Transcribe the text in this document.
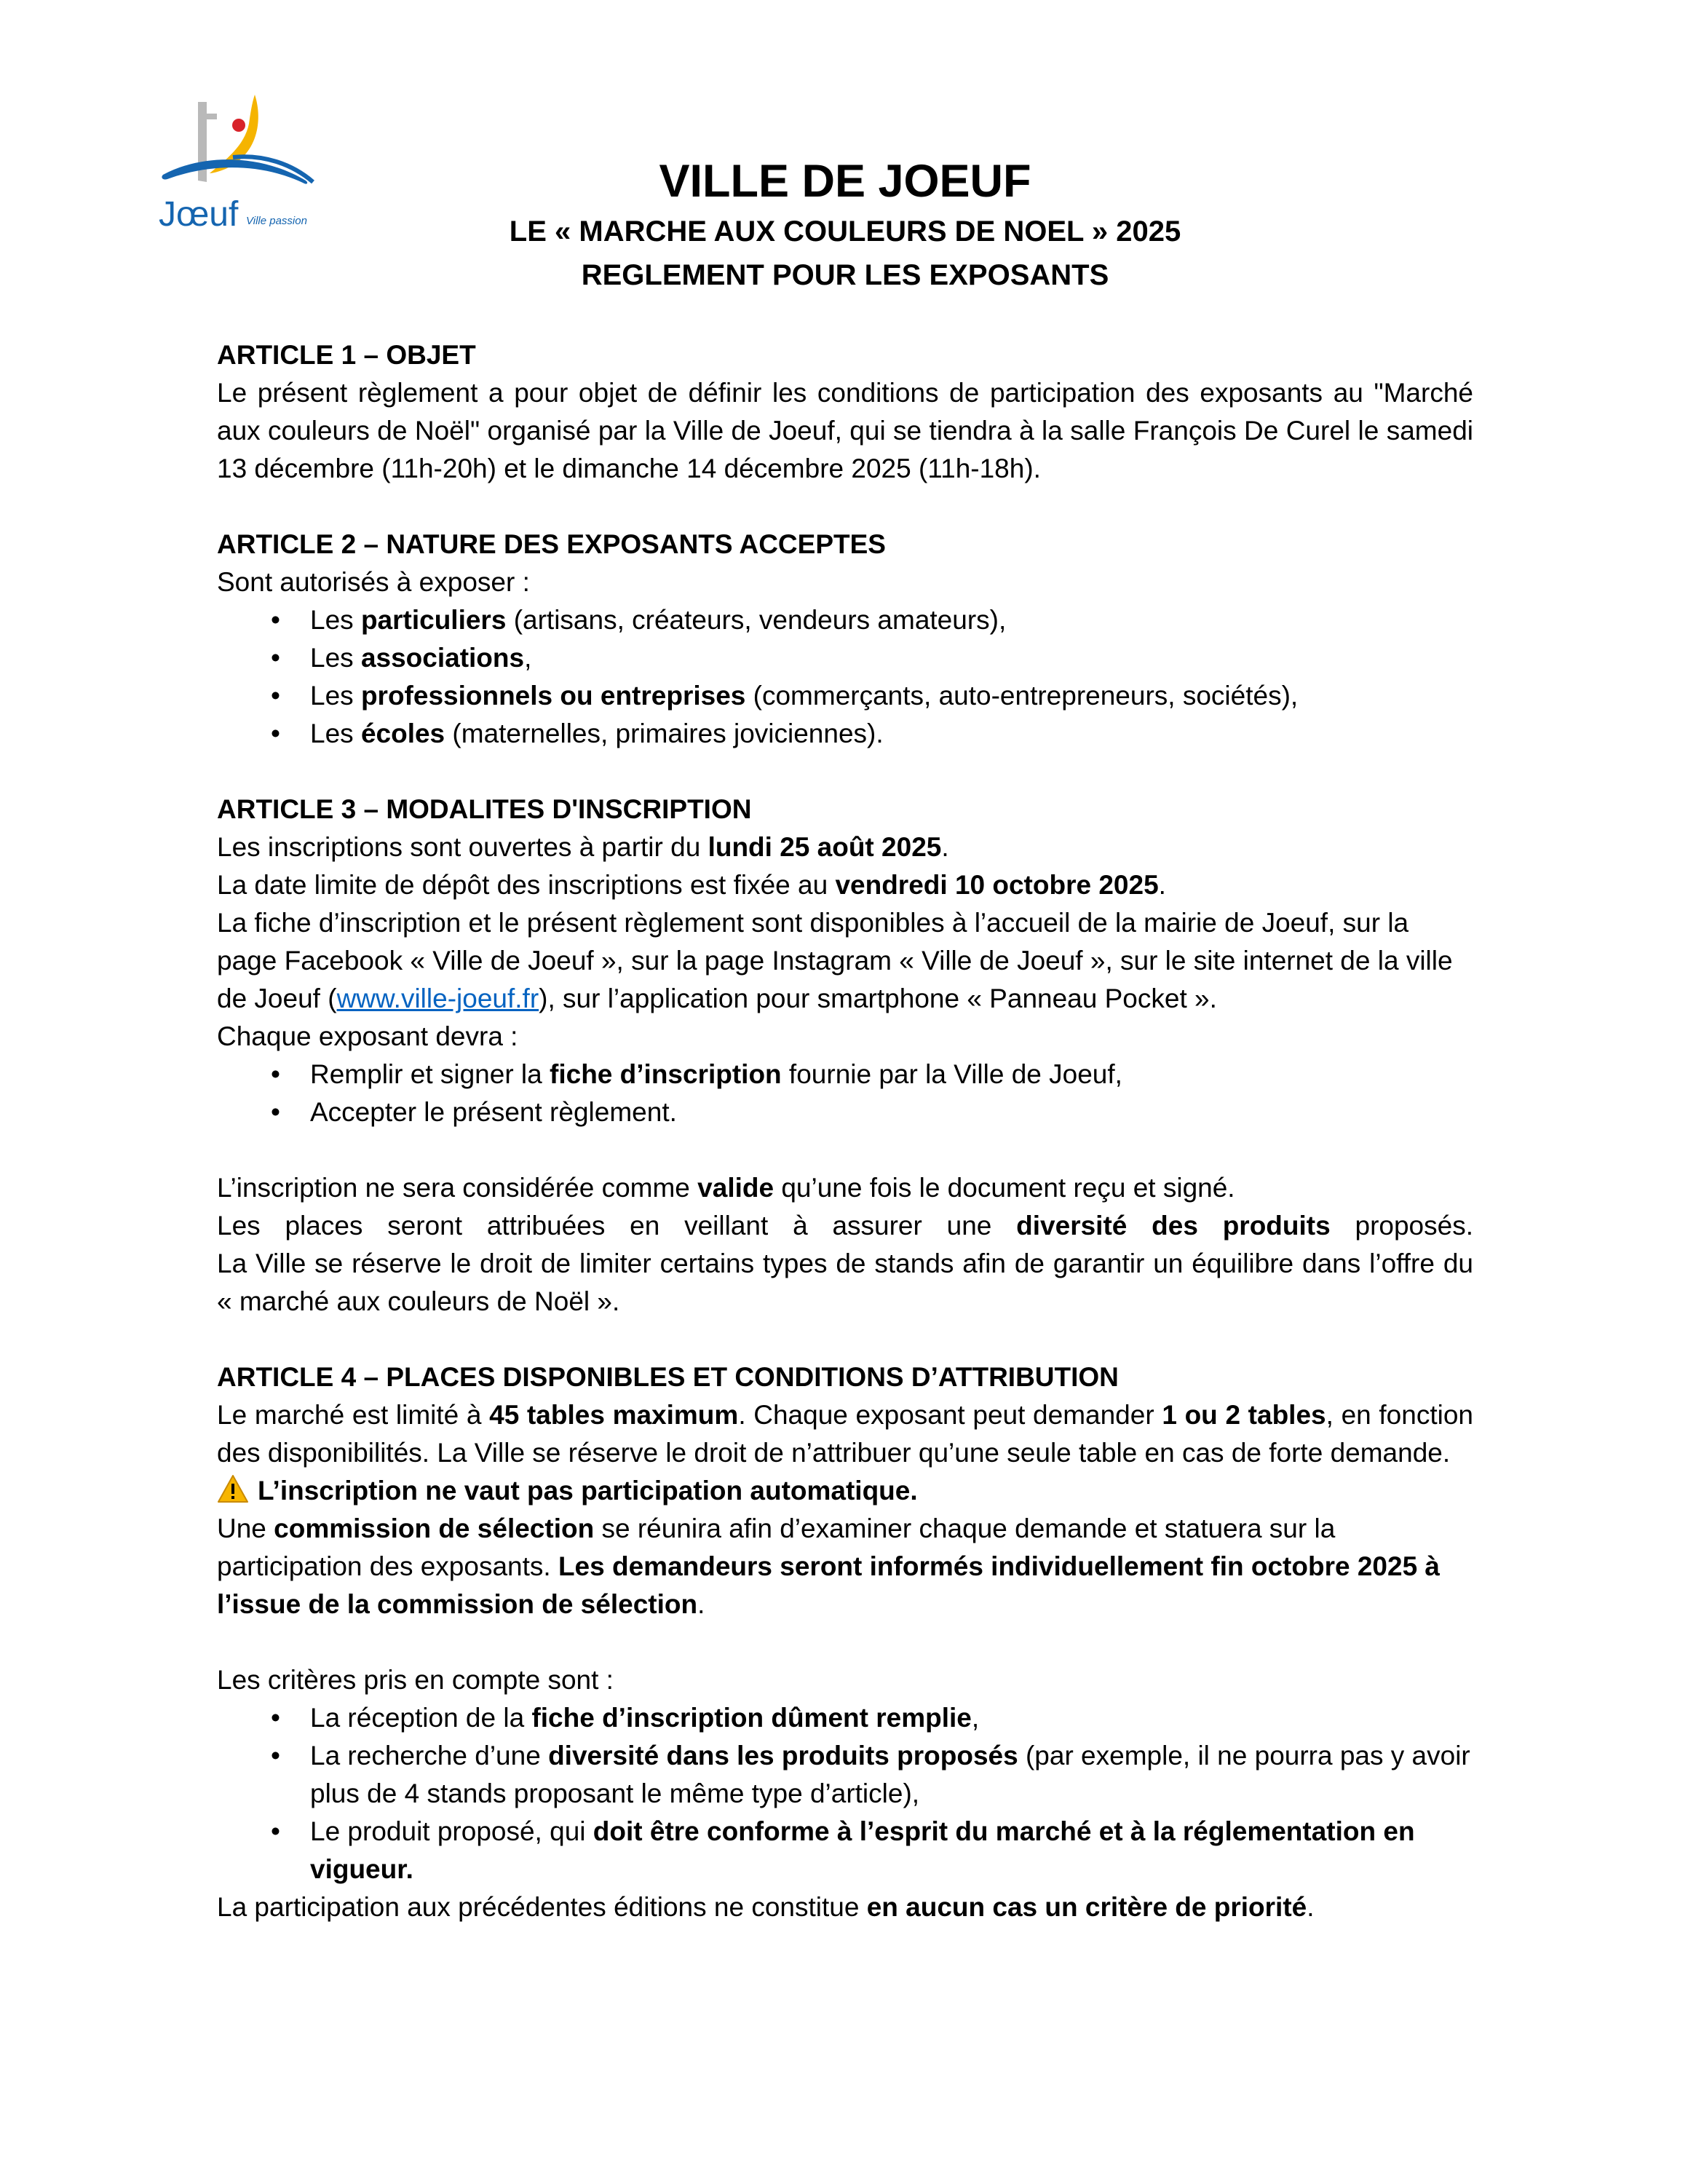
Jœuf Ville passion

VILLE DE JOEUF

LE « MARCHE AUX COULEURS DE NOEL » 2025

REGLEMENT POUR LES EXPOSANTS

ARTICLE 1 – OBJET

Le présent règlement a pour objet de définir les conditions de participation des exposants au "Marché aux couleurs de Noël" organisé par la Ville de Joeuf, qui se tiendra à la salle François De Curel le samedi 13 décembre (11h-20h) et le dimanche 14 décembre 2025 (11h-18h).

ARTICLE 2 – NATURE DES EXPOSANTS ACCEPTES

Sont autorisés à exposer :

• Les particuliers (artisans, créateurs, vendeurs amateurs),
• Les associations,
• Les professionnels ou entreprises (commerçants, auto-entrepreneurs, sociétés),
• Les écoles (maternelles, primaires joviciennes).

ARTICLE 3 – MODALITES D'INSCRIPTION

Les inscriptions sont ouvertes à partir du lundi 25 août 2025.

La date limite de dépôt des inscriptions est fixée au vendredi 10 octobre 2025.

La fiche d’inscription et le présent règlement sont disponibles à l’accueil de la mairie de Joeuf, sur la page Facebook « Ville de Joeuf », sur la page Instagram « Ville de Joeuf », sur le site internet de la ville de Joeuf (www.ville-joeuf.fr), sur l’application pour smartphone « Panneau Pocket ».

Chaque exposant devra :

• Remplir et signer la fiche d’inscription fournie par la Ville de Joeuf,
• Accepter le présent règlement.

L’inscription ne sera considérée comme valide qu’une fois le document reçu et signé.

Les places seront attribuées en veillant à assurer une diversité des produits proposés.

La Ville se réserve le droit de limiter certains types de stands afin de garantir un équilibre dans l’offre du « marché aux couleurs de Noël ».

ARTICLE 4 – PLACES DISPONIBLES ET CONDITIONS D’ATTRIBUTION

Le marché est limité à 45 tables maximum. Chaque exposant peut demander 1 ou 2 tables, en fonction des disponibilités. La Ville se réserve le droit de n’attribuer qu’une seule table en cas de forte demande.

L’inscription ne vaut pas participation automatique.

Une commission de sélection se réunira afin d’examiner chaque demande et statuera sur la participation des exposants. Les demandeurs seront informés individuellement fin octobre 2025 à l’issue de la commission de sélection.

Les critères pris en compte sont :

• La réception de la fiche d’inscription dûment remplie,
• La recherche d’une diversité dans les produits proposés (par exemple, il ne pourra pas y avoir plus de 4 stands proposant le même type d’article),
• Le produit proposé, qui doit être conforme à l’esprit du marché et à la réglementation en vigueur.

La participation aux précédentes éditions ne constitue en aucun cas un critère de priorité.
